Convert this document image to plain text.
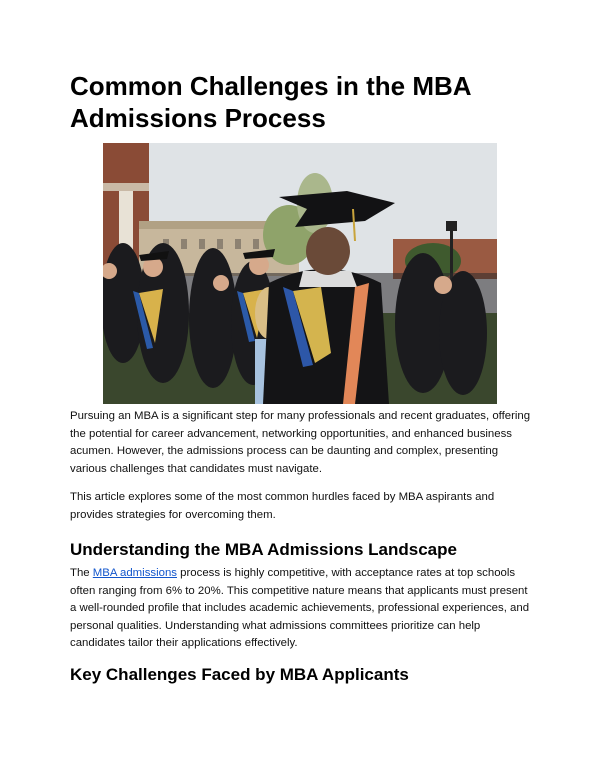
Common Challenges in the MBA Admissions Process

Pursuing an MBA is a significant step for many professionals and recent graduates, offering the potential for career advancement, networking opportunities, and enhanced business acumen. However, the admissions process can be daunting and complex, presenting various challenges that candidates must navigate.

This article explores some of the most common hurdles faced by MBA aspirants and provides strategies for overcoming them.

Understanding the MBA Admissions Landscape

The MBA admissions process is highly competitive, with acceptance rates at top schools often ranging from 6% to 20%. This competitive nature means that applicants must present a well-rounded profile that includes academic achievements, professional experiences, and personal qualities. Understanding what admissions committees prioritize can help candidates tailor their applications effectively.

Key Challenges Faced by MBA Applicants
